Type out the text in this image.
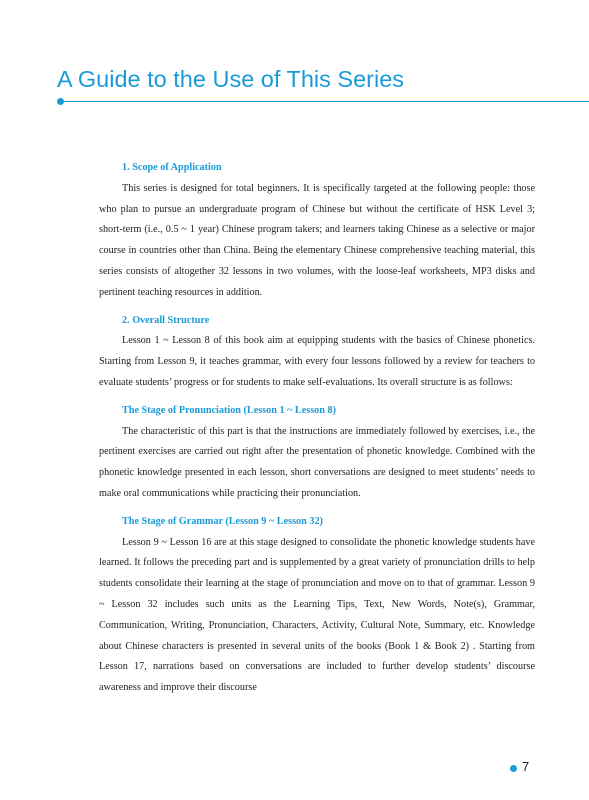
A Guide to the Use of This Series

1. Scope of Application

This series is designed for total beginners. It is specifically targeted at the following people: those who plan to pursue an undergraduate program of Chinese but without the certificate of HSK Level 3; short-term (i.e., 0.5 ~ 1 year) Chinese program takers; and learners taking Chinese as a selective or major course in countries other than China. Being the elementary Chinese comprehensive teaching material, this series consists of altogether 32 lessons in two volumes, with the loose-leaf worksheets, MP3 disks and pertinent teaching resources in addition.

2. Overall Structure

Lesson 1 ~ Lesson 8 of this book aim at equipping students with the basics of Chinese phonetics. Starting from Lesson 9, it teaches grammar, with every four lessons followed by a review for teachers to evaluate students’ progress or for students to make self-evaluations. Its overall structure is as follows:

The Stage of Pronunciation (Lesson 1 ~ Lesson 8)

The characteristic of this part is that the instructions are immediately followed by exercises, i.e., the pertinent exercises are carried out right after the presentation of phonetic knowledge. Combined with the phonetic knowledge presented in each lesson, short conversations are designed to meet students’ needs to make oral communications while practicing their pronunciation.

The Stage of Grammar (Lesson 9 ~ Lesson 32)

Lesson 9 ~ Lesson 16 are at this stage designed to consolidate the phonetic knowledge students have learned. It follows the preceding part and is supplemented by a great variety of pronunciation drills to help students consolidate their learning at the stage of pronunciation and move on to that of grammar. Lesson 9 ~ Lesson 32 includes such units as the Learning Tips, Text, New Words, Note(s), Grammar, Communication, Writing, Pronunciation, Characters, Activity, Cultural Note, Summary, etc. Knowledge about Chinese characters is presented in several units of the books (Book 1 & Book 2) . Starting from Lesson 17, narrations based on conversations are included to further develop students’ discourse awareness and improve their discourse

7
